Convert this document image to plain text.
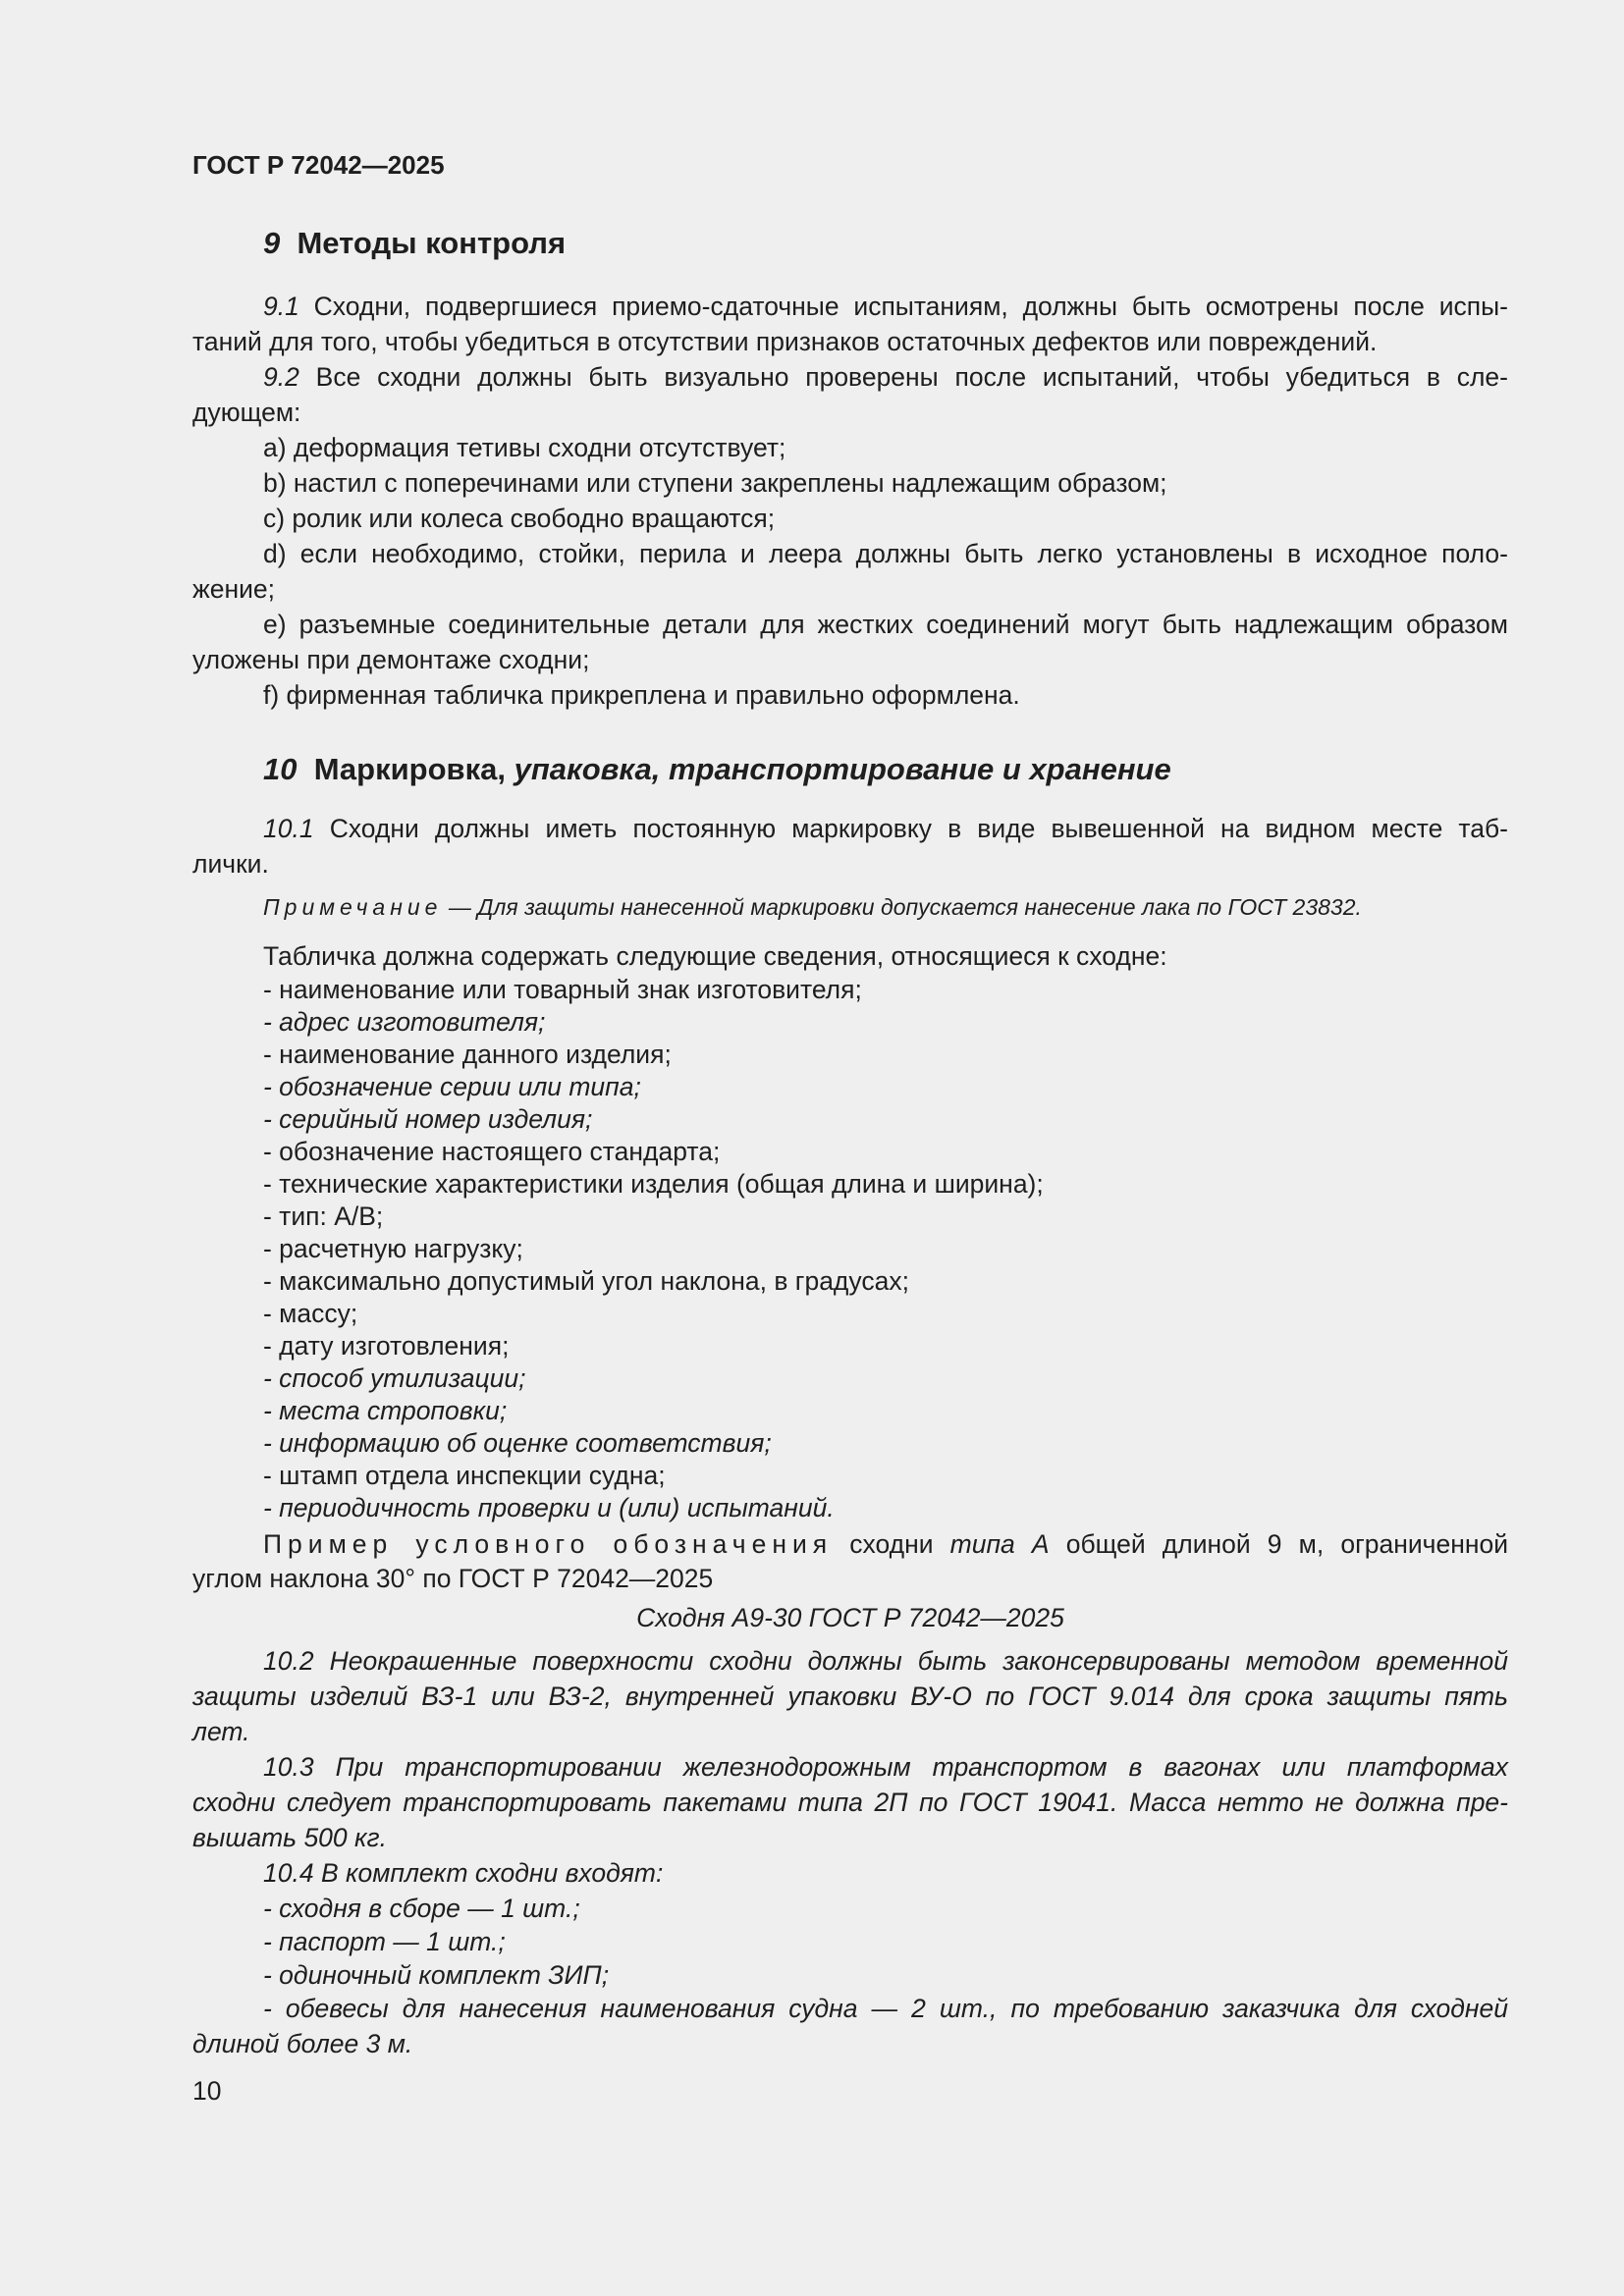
ГОСТ Р 72042—2025
9 Методы контроля
9.1 Сходни, подвергшиеся приемо-сдаточные испытаниям, должны быть осмотрены после испы-
таний для того, чтобы убедиться в отсутствии признаков остаточных дефектов или повреждений.
9.2 Все сходни должны быть визуально проверены после испытаний, чтобы убедиться в сле-
дующем:
а) деформация тетивы сходни отсутствует;
b) настил с поперечинами или ступени закреплены надлежащим образом;
c) ролик или колеса свободно вращаются;
d) если необходимо, стойки, перила и леера должны быть легко установлены в исходное поло-
жение;
e) разъемные соединительные детали для жестких соединений могут быть надлежащим образом
уложены при демонтаже сходни;
f) фирменная табличка прикреплена и правильно оформлена.
10 Маркировка, упаковка, транспортирование и хранение
10.1 Сходни должны иметь постоянную маркировку в виде вывешенной на видном месте таб-
лички.
Примечание — Для защиты нанесенной маркировки допускается нанесение лака по ГОСТ 23832.
Табличка должна содержать следующие сведения, относящиеся к сходне:
- наименование или товарный знак изготовителя;
- адрес изготовителя;
- наименование данного изделия;
- обозначение серии или типа;
- серийный номер изделия;
- обозначение настоящего стандарта;
- технические характеристики изделия (общая длина и ширина);
- тип: А/В;
- расчетную нагрузку;
- максимально допустимый угол наклона, в градусах;
- массу;
- дату изготовления;
- способ утилизации;
- места строповки;
- информацию об оценке соответствия;
- штамп отдела инспекции судна;
- периодичность проверки и (или) испытаний.
Пример условного обозначения сходни типа А общей длиной 9 м, ограниченной
углом наклона 30° по ГОСТ Р 72042—2025
Сходня А9-30 ГОСТ Р 72042—2025
10.2 Неокрашенные поверхности сходни должны быть законсервированы методом временной
защиты изделий ВЗ-1 или ВЗ-2, внутренней упаковки ВУ-О по ГОСТ 9.014 для срока защиты пять
лет.
10.3 При транспортировании железнодорожным транспортом в вагонах или платформах
сходни следует транспортировать пакетами типа 2П по ГОСТ 19041. Масса нетто не должна пре-
вышать 500 кг.
10.4 В комплект сходни входят:
- сходня в сборе — 1 шт.;
- паспорт — 1 шт.;
- одиночный комплект ЗИП;
- обевесы для нанесения наименования судна — 2 шт., по требованию заказчика для сходней
длиной более 3 м.
10
